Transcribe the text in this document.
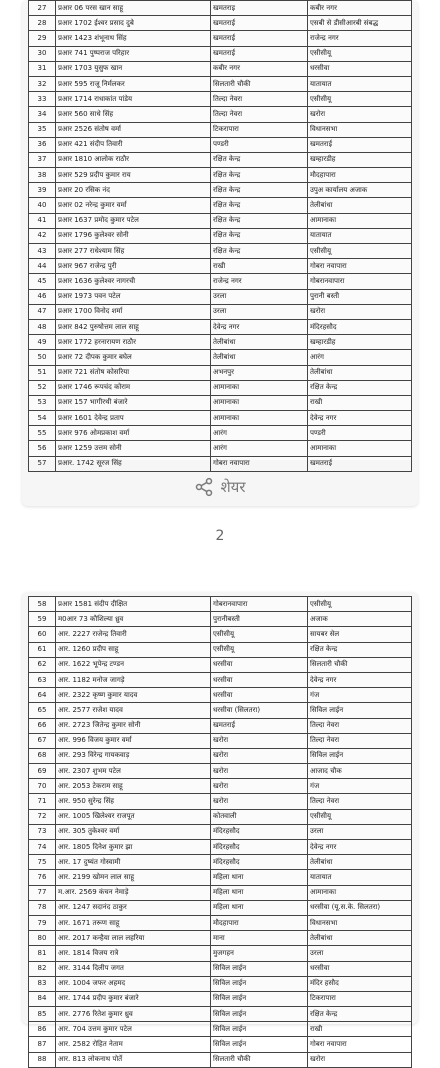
27	प्रआर 06 परस खान साहू	खमतराइ	कबीर नगर
28	प्रआर 1702 ईश्वर प्रसाद दुबे	खमतराई	एसबी से डीसीआरबी संबद्ध
29	प्रआर 1423 शंभूनाथ सिंह	खमतराई	राजेन्द्र नगर
30	प्रआर 741 पुष्पराज परिहार	खमतराई	एसीसीयू
31	प्रआर 1703 युसुफ खान	कबीर नगर	धरसीवा
32	प्रआर 595 राजू निर्मलकर	सिलतारी चौकी	यातायात
33	प्रआर 1714 राधाकांत पांडेय	तिल्दा नेवरा	एसीसीयू
34	प्रआर 560 साधे सिंह	तिल्दा नेवरा	खरोरा
35	प्रआर 2526 संतोष वर्मा	टिकरापारा	विधानसभा
36	प्रआर 421 संदीप तिवारी	पण्डरी	खमतराई
37	प्रआर 1810 आलोक राठौर	रक्षित केन्द्र	खम्हारडीह
38	प्रआर 529 प्रदीप कुमार राय	रक्षित केन्द्र	मौदहापारा
39	प्रआर 20 रसिक नंद	रक्षित केन्द्र	उपुअ कार्यालय अजाक
40	प्रआर 02 नरेन्द्र कुमार वर्मा	रक्षित केन्द्र	तेलीबांधा
41	प्रआर 1637 प्रमोद कुमार पटेल	रक्षित केन्द्र	आमानाका
42	प्रआर 1796 कुलेश्वर सोनी	रक्षित केन्द्र	यातायात
43	प्रआर 277 राधेश्याम सिंह	रक्षित केन्द्र	एसीसीयू
44	प्रआर 967 राजेन्द्र पुरी	राखी	गोबरा नवापारा
45	प्रआर 1636 कुलेश्वर नागरची	राजेन्द्र नगर	गोबरानवापारा
46	प्रआर 1973 पवन पटेल	उरला	पुरानी बस्ती
47	प्रआर 1700 विनोद शर्मा	उरला	खरोरा
48	प्रआर 842 पुरुषोत्तम लाल साहू	देवेन्द्र नगर	मंदिरहसौद
49	प्रआर 1772 हरनारायण राठौर	तेलीबांधा	खम्हारडीह
50	प्रआर 72 दीपक कुमार बघेल	तेलीबांधा	आरंग
51	प्रआर 721 संतोष कोसरिया	अभनपुर	तेलीबांधा
52	प्रआर 1746 रूपचंद कोराम	आमानाका	रक्षित केन्द्र
53	प्रआर 157 भागीरथी बंजारे	आमानाका	राखी
54	प्रआर 1601 देवेन्द्र प्रताप	आमानाका	देवेन्द्र नगर
55	प्रआर 976 ओमप्रकाश वर्मा	आरंग	पण्डरी
56	प्रआर 1259 उत्तम सोनी	आरंग	आमानाका
57	प्रआर. 1742 सूरज सिंह	गोबरा नवापारा	खमतराई
शेयर
2
58	प्रआर 1581 संदीप दीक्षित	गोबरानवापारा	एसीसीयू
59	म0आर 73 कौशिल्या ध्रुव	पुरानीबस्ती	अजाक
60	आर. 2227 राजेन्द्र तिवारी	एसीसीयू	सायबर सेल
61	आर. 1260 प्रदीप साहू	एसीसीयू	रक्षित केन्द्र
62	आर. 1622 भूपेन्द्र टण्डन	धरसीवा	सिलतारी चौकी
63	आर. 1182 मनोज जागड़े	धरसीवा	देवेन्द्र नगर
64	आर. 2322 कृष्ण कुमार यादव	धरसीवा	गंज
65	आर. 2577 राजेश यादव	धरसीवा (सिलतरा)	सिविल लाईन
66	आर. 2723 जितेन्द्र कुमार सोनी	खमतराई	तिल्दा नेवरा
67	आर. 996 विजय कुमार वर्मा	खरोरा	तिल्दा नेवरा
68	आर. 293 विरेन्द्र गायकवाड़	खरोरा	सिविल लाईन
69	आर. 2307 शुभम पटेल	खरोरा	आजाद चौक
70	आर. 2053 टेकराम साहू	खरोरा	गंज
71	आर. 950 सुरेन्द्र सिंह	खरोरा	तिल्दा नेवरा
72	आर. 1005 खिलेश्वर राजपूत	कोतवाली	एसीसीयू
73	आर. 305 तुकेश्वर वर्मा	मंदिरहसौद	उरला
74	आर. 1805 दिनेश कुमार झा	मंदिरहसौद	देवेन्द्र नगर
75	आर. 17 दुष्यंत गोस्वामी	मंदिरहसौद	तेलीबांधा
76	आर. 2199 खोमन लाल साहू	महिला थाना	यातायात
77	म.आर. 2569 कंचन नेमाड़े	महिला थाना	आमानाका
78	आर. 1247 सदानंद ठाकुर	महिला थाना	धरसीवा (यू.स.के. सिलतरा)
79	आर. 1671 तरूण साहू	मौदहापारा	विधानसभा
80	आर. 2017 कन्हैया लाल लहरिया	माना	तेलीबांधा
81	आर. 1814 विजय रात्रे	मुजगहन	उरला
82	आर. 3144 दिलीप जगत	सिविल लाईन	धरसीवा
83	आर. 1004 जफर अहमद	सिविल लाईन	मंदिर हसौद
84	आर. 1744 प्रदीप कुमार बंजारे	सिविल लाईन	टिकरापारा
85	आर. 2776 रितेश कुमार ध्रुव	सिविल लाईन	रक्षित केन्द्र
86	आर. 704 उत्तम कुमार पटेल	सिविल लाईन	राखी
87	आर. 2582 रोहित नेताम	सिविल लाईन	गोबरा नवापारा
88	आर. 813 लोकनाथ पोर्ते	सिलतारी चौकी	खरोरा
